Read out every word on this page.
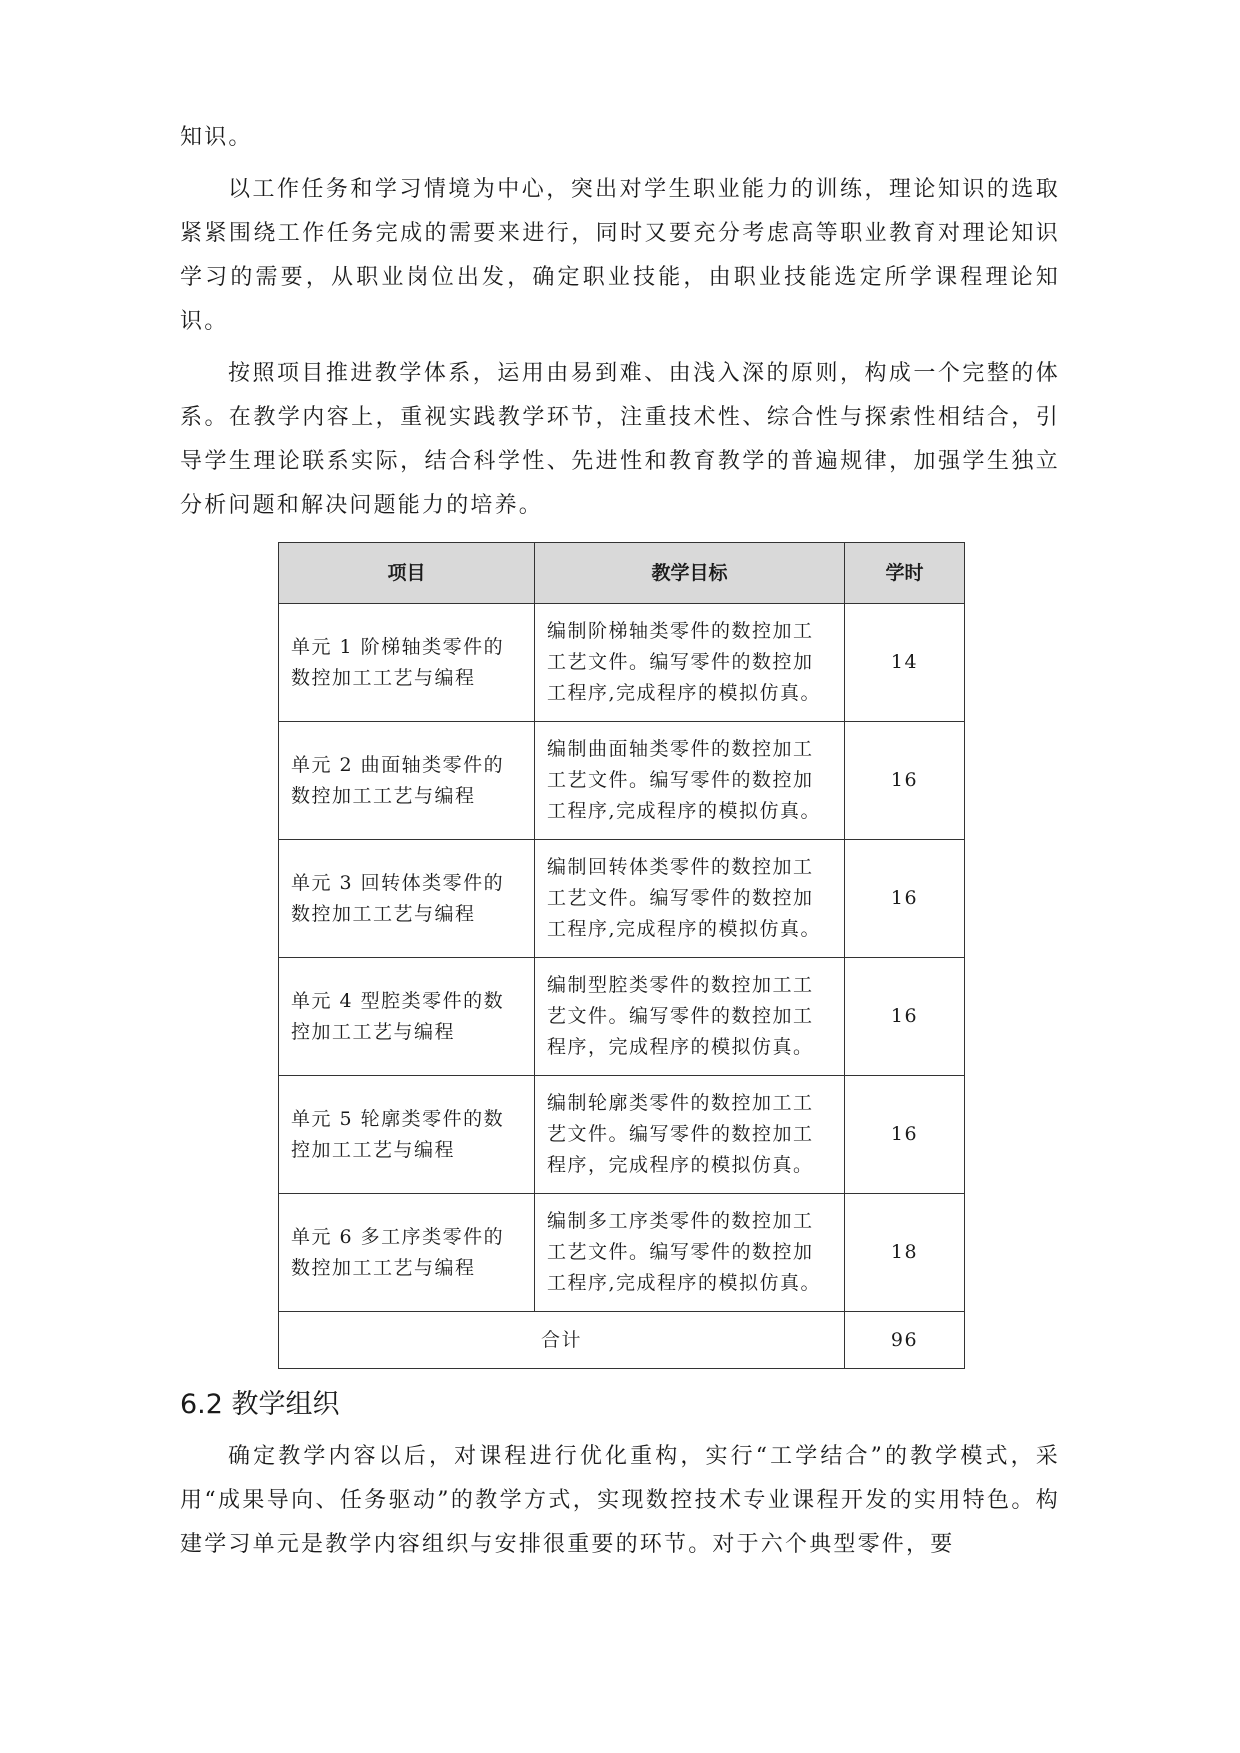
知识。

以工作任务和学习情境为中心，突出对学生职业能力的训练，理论知识的选取紧紧围绕工作任务完成的需要来进行，同时又要充分考虑高等职业教育对理论知识学习的需要，从职业岗位出发，确定职业技能，由职业技能选定所学课程理论知识。

按照项目推进教学体系，运用由易到难、由浅入深的原则，构成一个完整的体系。在教学内容上，重视实践教学环节，注重技术性、综合性与探索性相结合，引导学生理论联系实际，结合科学性、先进性和教育教学的普遍规律，加强学生独立分析问题和解决问题能力的培养。

项目	教学目标	学时
单元 1 阶梯轴类零件的数控加工工艺与编程	编制阶梯轴类零件的数控加工工艺文件。编写零件的数控加工程序,完成程序的模拟仿真。	14
单元 2 曲面轴类零件的数控加工工艺与编程	编制曲面轴类零件的数控加工工艺文件。编写零件的数控加工程序,完成程序的模拟仿真。	16
单元 3 回转体类零件的数控加工工艺与编程	编制回转体类零件的数控加工工艺文件。编写零件的数控加工程序,完成程序的模拟仿真。	16
单元 4 型腔类零件的数控加工工艺与编程	编制型腔类零件的数控加工工艺文件。编写零件的数控加工程序，完成程序的模拟仿真。	16
单元 5 轮廓类零件的数控加工工艺与编程	编制轮廓类零件的数控加工工艺文件。编写零件的数控加工程序，完成程序的模拟仿真。	16
单元 6 多工序类零件的数控加工工艺与编程	编制多工序类零件的数控加工工艺文件。编写零件的数控加工程序,完成程序的模拟仿真。	18
合计		96
6.2 教学组织

确定教学内容以后，对课程进行优化重构，实行“工学结合”的教学模式，采用“成果导向、任务驱动”的教学方式，实现数控技术专业课程开发的实用特色。构建学习单元是教学内容组织与安排很重要的环节。对于六个典型零件，要
